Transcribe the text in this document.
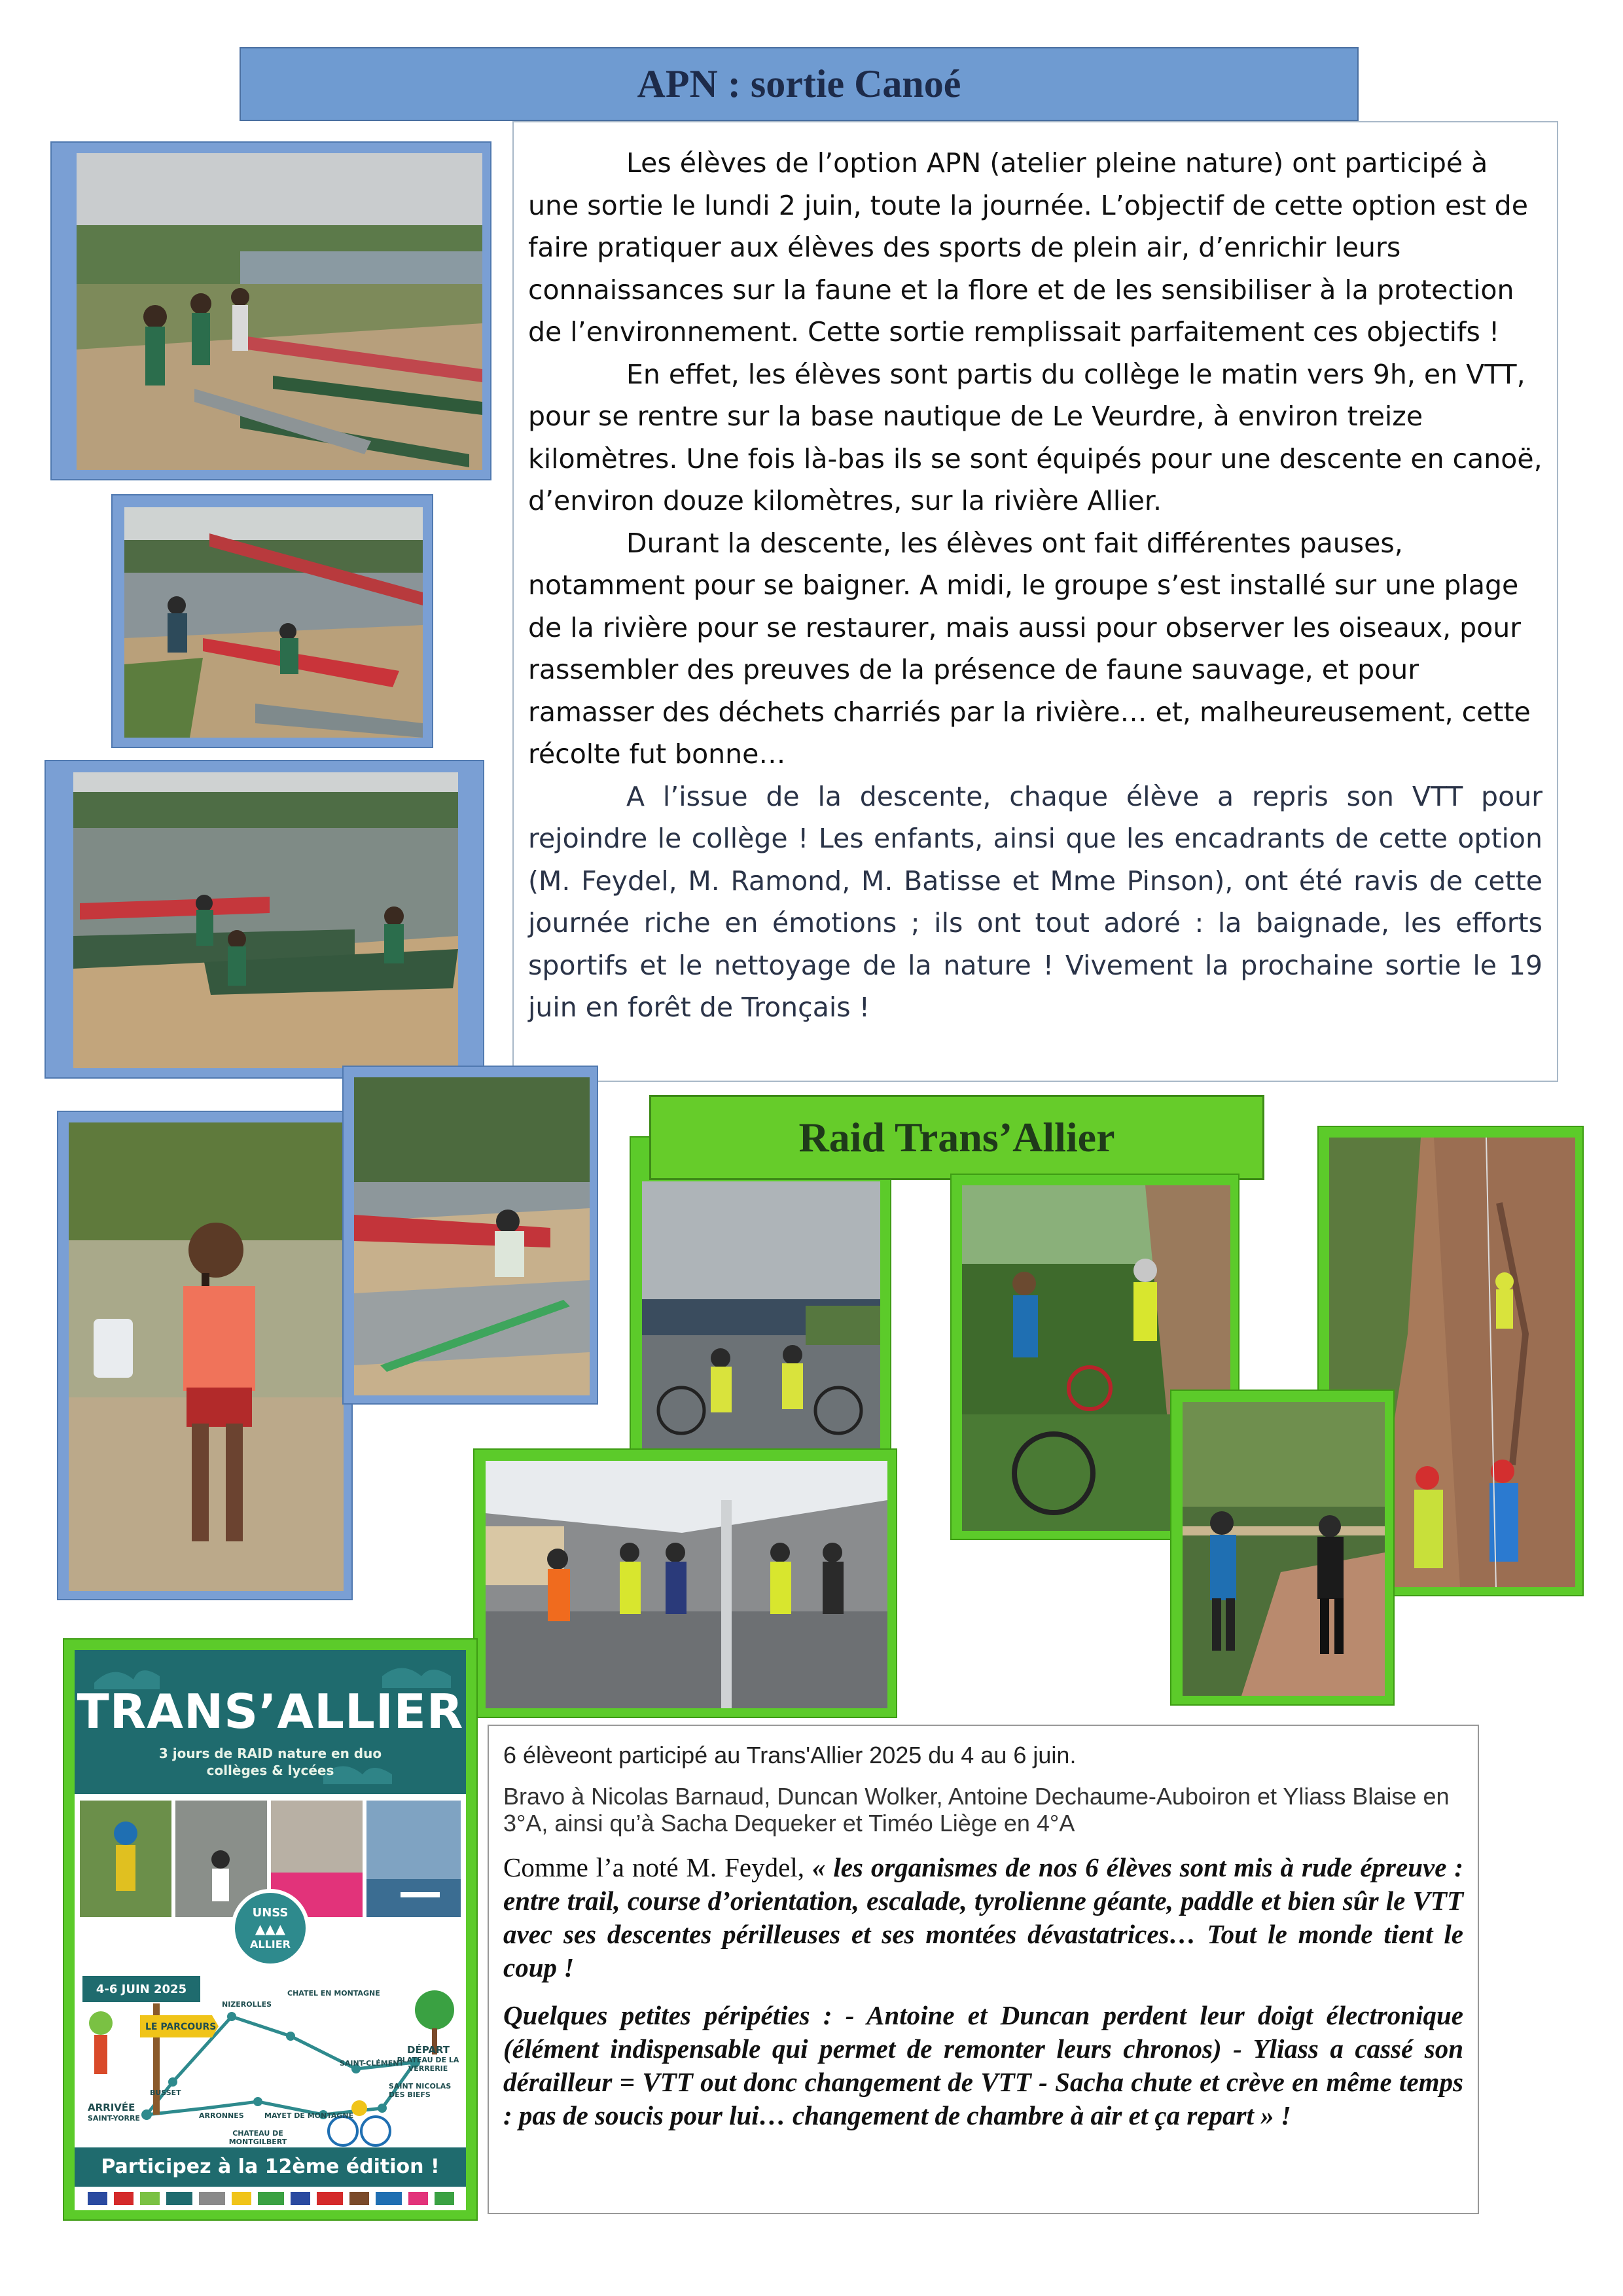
APN : sortie Canoé

Les élèves de l’option APN (atelier pleine nature) ont participé à une sortie le lundi 2 juin, toute la journée. L’objectif de cette option est de faire pratiquer aux élèves des sports de plein air, d’enrichir leurs connaissances sur la faune et la flore et de les sensibiliser à la protection de l’environnement. Cette sortie remplissait parfaitement ces objectifs !

En effet, les élèves sont partis du collège le matin vers 9h, en VTT, pour se rentre sur la base nautique de Le Veurdre, à environ treize kilomètres. Une fois là-bas ils se sont équipés pour une descente en canoë, d’environ douze kilomètres, sur la rivière Allier.

Durant la descente, les élèves ont fait différentes pauses, notamment pour se baigner. A midi, le groupe s’est installé sur une plage de la rivière pour se restaurer, mais aussi pour observer les oiseaux, pour rassembler des preuves de la présence de faune sauvage, et pour ramasser des déchets charriés par la rivière… et, malheureusement, cette récolte fut bonne…

A l’issue de la descente, chaque élève a repris son VTT pour rejoindre le collège ! Les enfants, ainsi que les encadrants de cette option (M. Feydel, M. Ramond, M. Batisse et Mme Pinson), ont été ravis de cette journée riche en émotions ; ils ont tout adoré : la baignade, les efforts sportifs et le nettoyage de la nature ! Vivement la prochaine sortie le 19 juin en forêt de Tronçais !

Raid Trans’Allier
TRANS’ALLIER
3 jours de RAID nature en duo
collèges & lycées
UNSS
▲▲▲
ALLIER
LE PARCOURS
NIZEROLLES
CHATEL EN MONTAGNE
SAINT-CLÉMENT
BUSSET
ARRONNES	MAYET DE MONTAGNE
CHATEAU DE MONTGILBERT
SAINT NICOLAS DES BIEFS
DÉPART
PLATEAU DE LA VERRERIE
ARRIVÉE
SAINT-YORRE
4-6 JUIN 2025
Participez à la 12ème édition !

6 élèveont participé au Trans'Allier 2025 du 4 au 6 juin.

Bravo à Nicolas Barnaud, Duncan Wolker, Antoine Dechaume-Auboiron et Yliass Blaise en 3°A, ainsi qu’à Sacha Dequeker et Timéo Liège en 4°A

Comme l’a noté M. Feydel, « les organismes de nos 6 élèves sont mis à rude épreuve : entre trail, course d’orientation, escalade, tyrolienne géante, paddle et bien sûr le VTT avec ses descentes périlleuses et ses montées dévastatrices… Tout le monde tient le coup !

Quelques petites péripéties : - Antoine et Duncan perdent leur doigt électronique (élément indispensable qui permet de remonter leurs chronos) - Yliass a cassé son dérailleur = VTT out donc changement de VTT - Sacha chute et crève en même temps : pas de soucis pour lui… changement de chambre à air et ça repart » !
